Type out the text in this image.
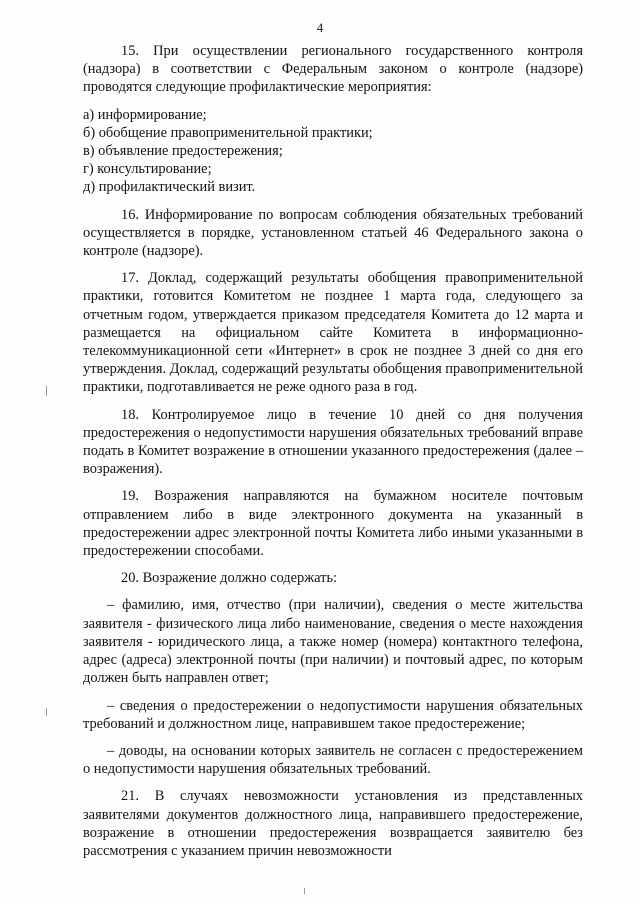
4

15. При осуществлении регионального государственного контроля (надзора) в соответствии с Федеральным законом о контроле (надзоре) проводятся следующие профилактические мероприятия:

а) информирование;

б) обобщение правоприменительной практики;

в) объявление предостережения;

г) консультирование;

д) профилактический визит.

16. Информирование по вопросам соблюдения обязательных требований осуществляется в порядке, установленном статьей 46 Федерального закона о контроле (надзоре).

17. Доклад, содержащий результаты обобщения правоприменительной практики, готовится Комитетом не позднее 1 марта года, следующего за отчетным годом, утверждается приказом председателя Комитета до 12 марта и размещается на официальном сайте Комитета в информационно-телекоммуникационной сети «Интернет» в срок не позднее 3 дней со дня его утверждения. Доклад, содержащий результаты обобщения правоприменительной практики, подготавливается не реже одного раза в год.

18. Контролируемое лицо в течение 10 дней со дня получения предостережения о недопустимости нарушения обязательных требований вправе подать в Комитет возражение в отношении указанного предостережения (далее – возражения).

19. Возражения направляются на бумажном носителе почтовым отправлением либо в виде электронного документа на указанный в предостережении адрес электронной почты Комитета либо иными указанными в предостережении способами.

20. Возражение должно содержать:

– фамилию, имя, отчество (при наличии), сведения о месте жительства заявителя - физического лица либо наименование, сведения о месте нахождения заявителя - юридического лица, а также номер (номера) контактного телефона, адрес (адреса) электронной почты (при наличии) и почтовый адрес, по которым должен быть направлен ответ;

– сведения о предостережении о недопустимости нарушения обязательных требований и должностном лице, направившем такое предостережение;

– доводы, на основании которых заявитель не согласен с предостережением о недопустимости нарушения обязательных требований.

21. В случаях невозможности установления из представленных заявителями документов должностного лица, направившего предостережение, возражение в отношении предостережения возвращается заявителю без рассмотрения с указанием причин невозможности
